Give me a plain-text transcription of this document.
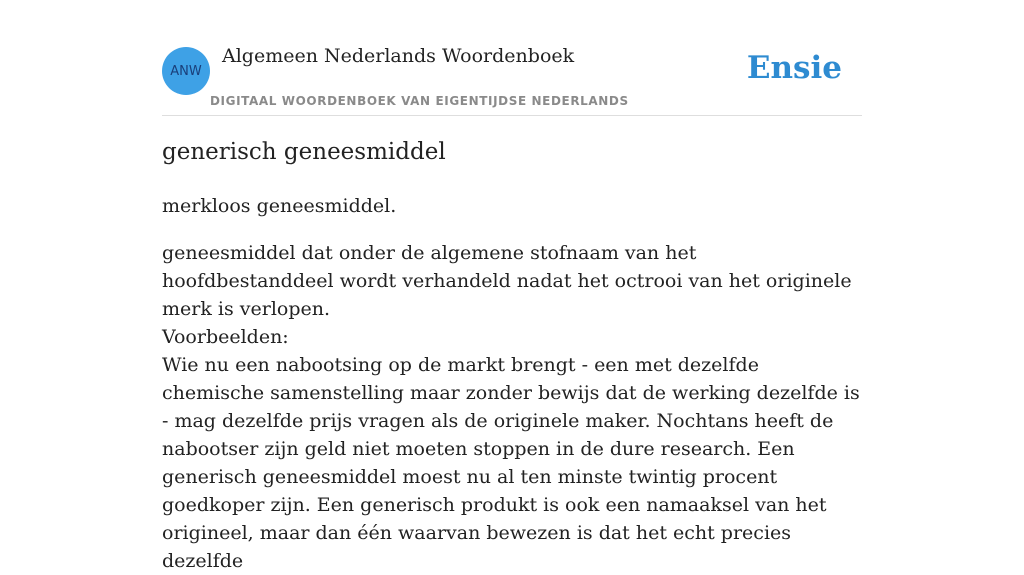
ANW
Algemeen Nederlands Woordenboek
DIGITAAL WOORDENBOEK VAN EIGENTIJDSE NEDERLANDS
Ensie
generisch geneesmiddel
merkloos geneesmiddel.
geneesmiddel dat onder de algemene stofnaam van het hoofdbestanddeel wordt verhandeld nadat het octrooi van het originele merk is verlopen.
Voorbeelden:
Wie nu een nabootsing op de markt brengt - een met dezelfde chemische samenstelling maar zonder bewijs dat de werking dezelfde is - mag dezelfde prijs vragen als de originele maker. Nochtans heeft de nabootser zijn geld niet moeten stoppen in de dure research. Een generisch geneesmiddel moest nu al ten minste twintig procent goedkoper zijn. Een generisch produkt is ook een namaaksel van het origineel, maar dan één waarvan bewezen is dat het echt precies dezelfde
